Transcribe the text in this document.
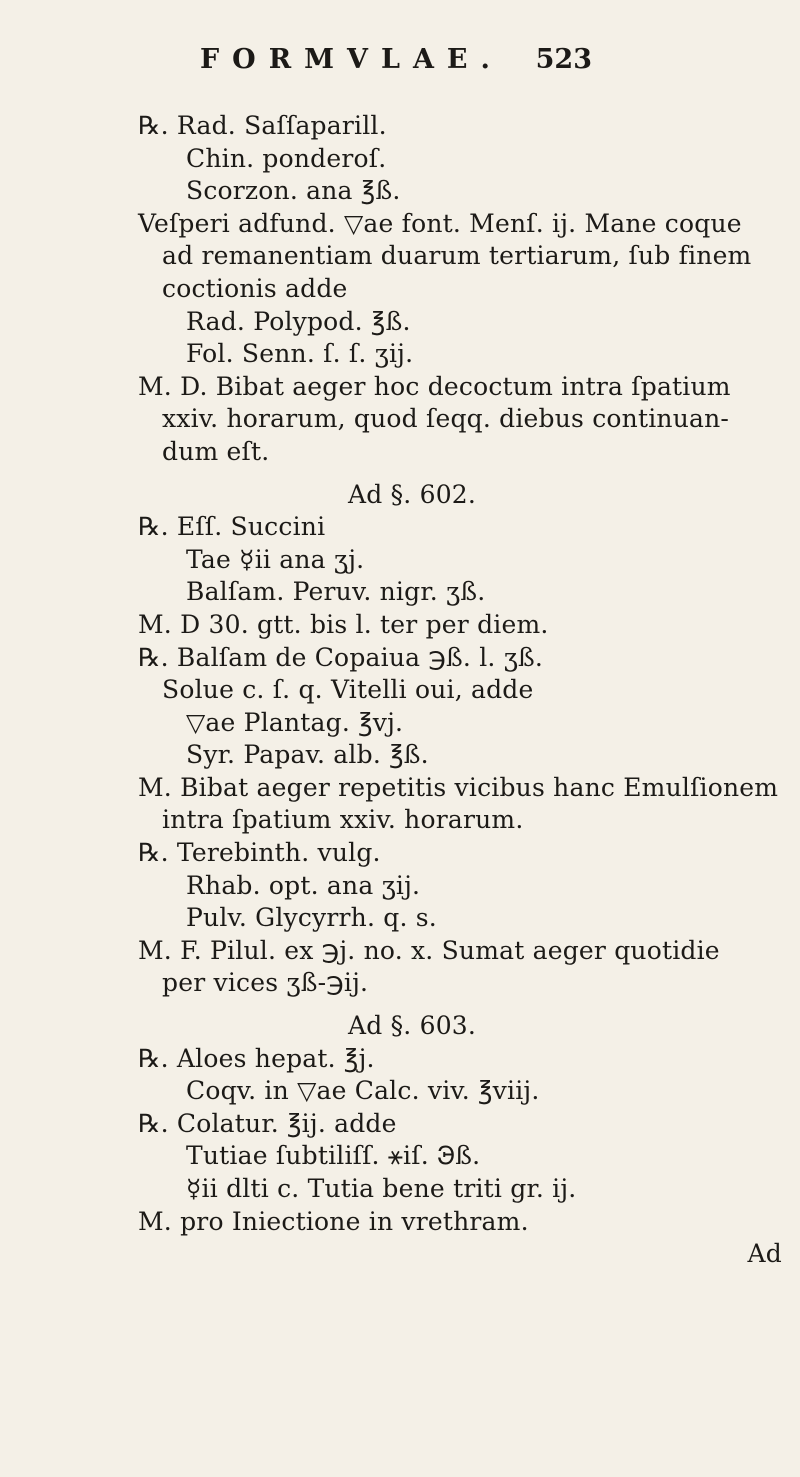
FORMVLAE. 523
℞. Rad. Saſſaparill.
Chin. ponderoſ.
Scorzon. ana ℥ß.
Veſperi adfund. ▽ae font. Menſ. ij. Mane coque
ad remanentiam duarum tertiarum, ſub finem
coctionis adde
Rad. Polypod. ℥ß.
Fol. Senn. ſ. ſ. ʒij.
M. D. Bibat aeger hoc decoctum intra ſpatium
xxiv. horarum, quod ſeqq. diebus continuan-
dum eſt.
Ad §. 602.
℞. Eſſ. Succini
Tae ☿ii ana ʒj.
Balſam. Peruv. nigr. ʒß.
M. D 30. gtt. bis l. ter per diem.
℞. Balſam de Copaiua ℈ß. l. ʒß.
Solue c. ſ. q. Vitelli oui, adde
▽ae Plantag. ℥vj.
Syr. Papav. alb. ℥ß.
M. Bibat aeger repetitis vicibus hanc Emulſionem
intra ſpatium xxiv. horarum.
℞. Terebinth. vulg.
Rhab. opt. ana ʒij.
Pulv. Glycyrrh. q. s.
M. F. Pilul. ex ℈j. no. x. Sumat aeger quotidie
per vices ʒß-℈ij.
Ad §. 603.
℞. Aloes hepat. ℥j.
Coqv. in ▽ae Calc. viv. ℥viij.
℞. Colatur. ℥ij. adde
Tutiae ſubtiliſſ. ⚹iſ. ℈ß.
☿ii dlti c. Tutia bene triti gr. ij.
M. pro Iniectione in vrethram.
Ad
